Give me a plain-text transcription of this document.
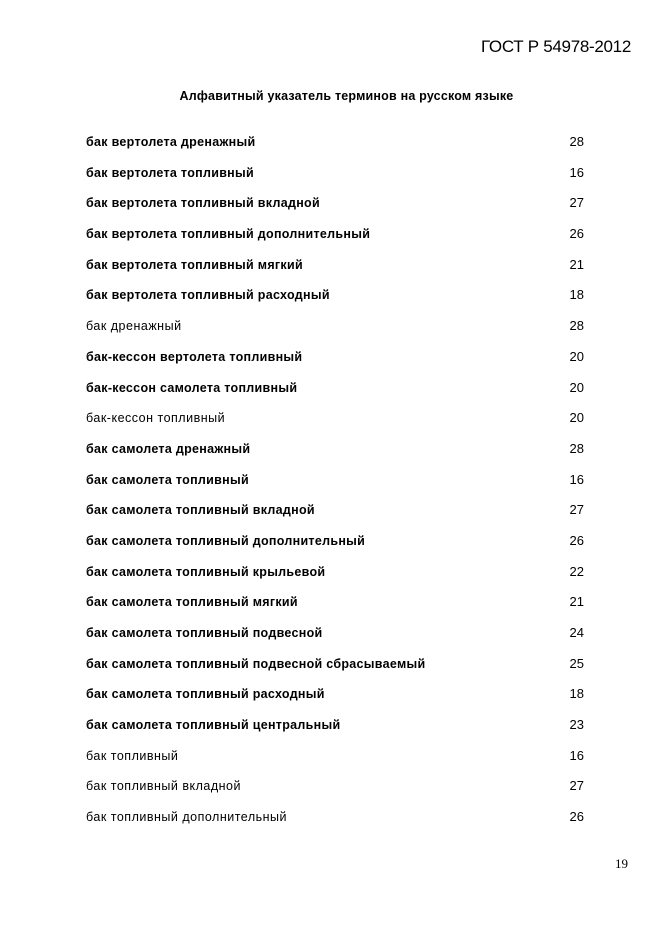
ГОСТ Р 54978-2012
Алфавитный указатель терминов на русском языке
бак вертолета дренажный	28
бак вертолета топливный	16
бак вертолета топливный вкладной	27
бак вертолета топливный дополнительный	26
бак вертолета топливный мягкий	21
бак вертолета топливный расходный	18
бак дренажный	28
бак-кессон вертолета топливный	20
бак-кессон самолета топливный	20
бак-кессон топливный	20
бак самолета дренажный	28
бак самолета топливный	16
бак самолета топливный вкладной	27
бак самолета топливный дополнительный	26
бак самолета топливный крыльевой	22
бак самолета топливный мягкий	21
бак самолета топливный подвесной	24
бак самолета топливный подвесной сбрасываемый	25
бак самолета топливный расходный	18
бак самолета топливный центральный	23
бак топливный	16
бак топливный вкладной	27
бак топливный дополнительный	26
19
